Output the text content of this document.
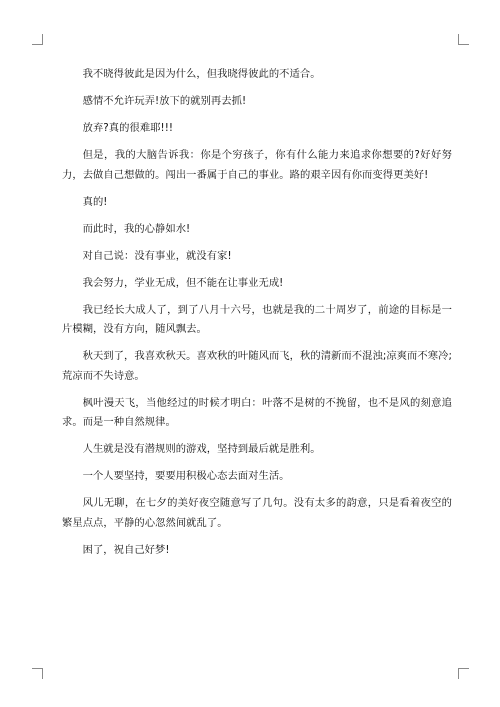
我不晓得彼此是因为什么，但我晓得彼此的不适合。

感情不允许玩弄!放下的就别再去抓!

放弃?真的很难耶!!!

但是，我的大脑告诉我：你是个穷孩子，你有什么能力来追求你想要的?好好努力，去做自己想做的。闯出一番属于自己的事业。路的艰辛因有你而变得更美好!

真的!

而此时，我的心静如水!

对自己说：没有事业，就没有家!

我会努力，学业无成，但不能在让事业无成!

我已经长大成人了，到了八月十六号，也就是我的二十周岁了，前途的目标是一片模糊，没有方向，随风飘去。

秋天到了，我喜欢秋天。喜欢秋的叶随风而飞，秋的清新而不混浊;凉爽而不寒冷;荒凉而不失诗意。

枫叶漫天飞，当他经过的时候才明白：叶落不是树的不挽留，也不是风的刻意追求。而是一种自然规律。

人生就是没有潜规则的游戏，坚持到最后就是胜利。

一个人要坚持，要要用积极心态去面对生活。

风儿无聊，在七夕的美好夜空随意写了几句。没有太多的韵意，只是看着夜空的繁星点点，平静的心忽然间就乱了。

困了，祝自己好梦!
